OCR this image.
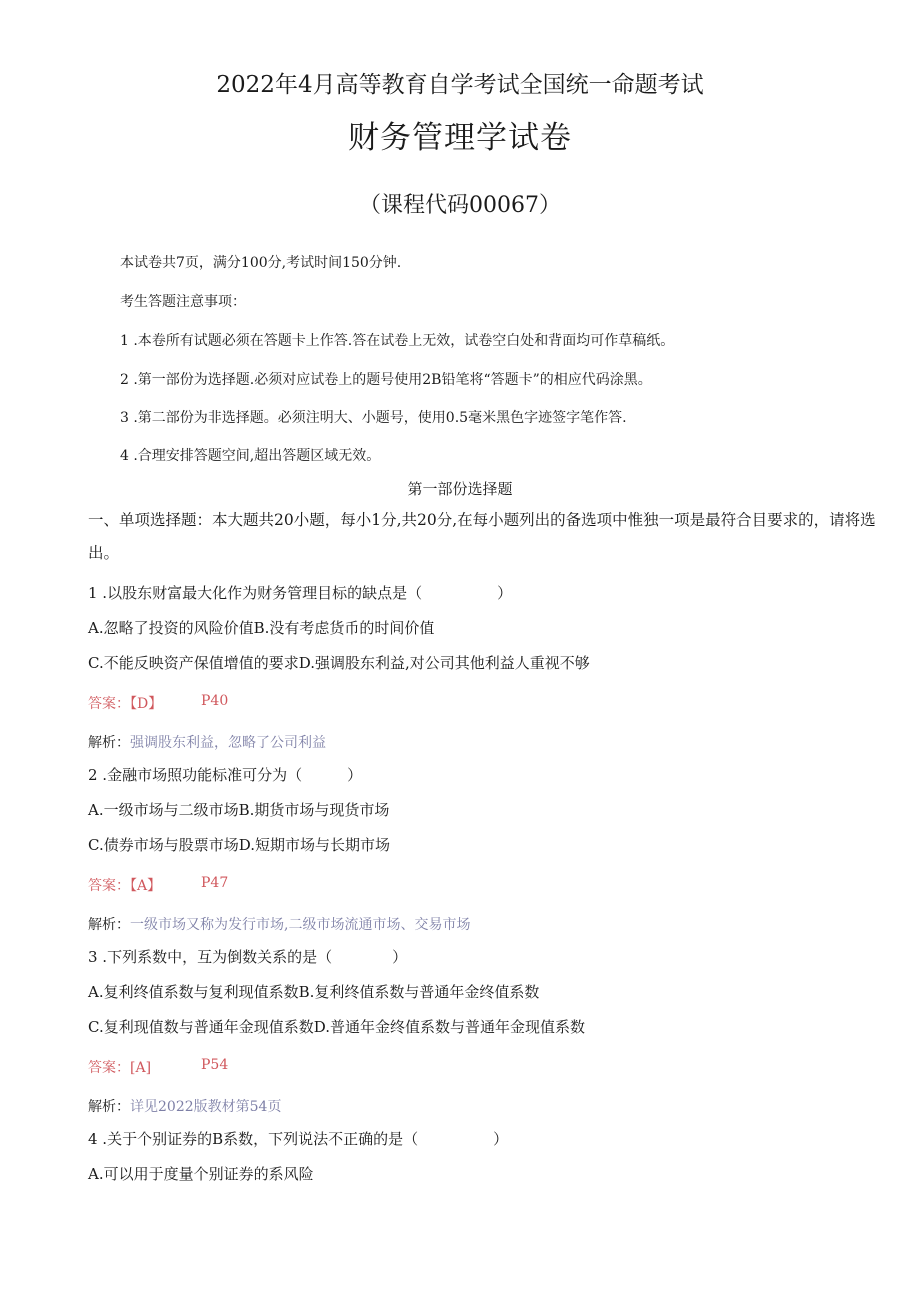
2022年4月高等教育自学考试全国统一命题考试
财务管理学试卷
（课程代码00067）
本试卷共7页，满分100分,考试时间150分钟.
考生答题注意事项：
1 .本卷所有试题必须在答题卡上作答.答在试卷上无效，试卷空白处和背面均可作草稿纸。
2 .第一部份为选择题.必须对应试卷上的题号使用2B铅笔将“答题卡”的相应代码涂黑。
3 .第二部份为非选择题。必须注明大、小题号，使用0.5毫米黑色字迹签字笔作答.
4 .合理安排答题空间,超出答题区域无效。
第一部份选择题
一、单项选择题：本大题共20小题，每小1分,共20分,在每小题列出的备选项中惟独一项是最符合目要求的，请将选出。
1 .以股东财富最大化作为财务管理目标的缺点是（　　　　　）
A.忽略了投资的风险价值B.没有考虑货币的时间价值
C.不能反映资产保值增值的要求D.强调股东利益,对公司其他利益人重视不够
答案：【D】	P40
解析：强调股东利益，忽略了公司利益
2 .金融市场照功能标准可分为（　　　）
A.一级市场与二级市场B.期货市场与现货市场
C.债券市场与股票市场D.短期市场与长期市场
答案：【A】	P47
解析：一级市场又称为发行市场,二级市场流通市场、交易市场
3 .下列系数中，互为倒数关系的是（　　　　）
A.复利终值系数与复利现值系数B.复利终值系数与普通年金终值系数
C.复利现值数与普通年金现值系数D.普通年金终值系数与普通年金现值系数
答案：[A]	P54
解析：详见2022版教材第54页
4 .关于个别证券的B系数，下列说法不正确的是（　　　　　）
A.可以用于度量个别证券的系风险
